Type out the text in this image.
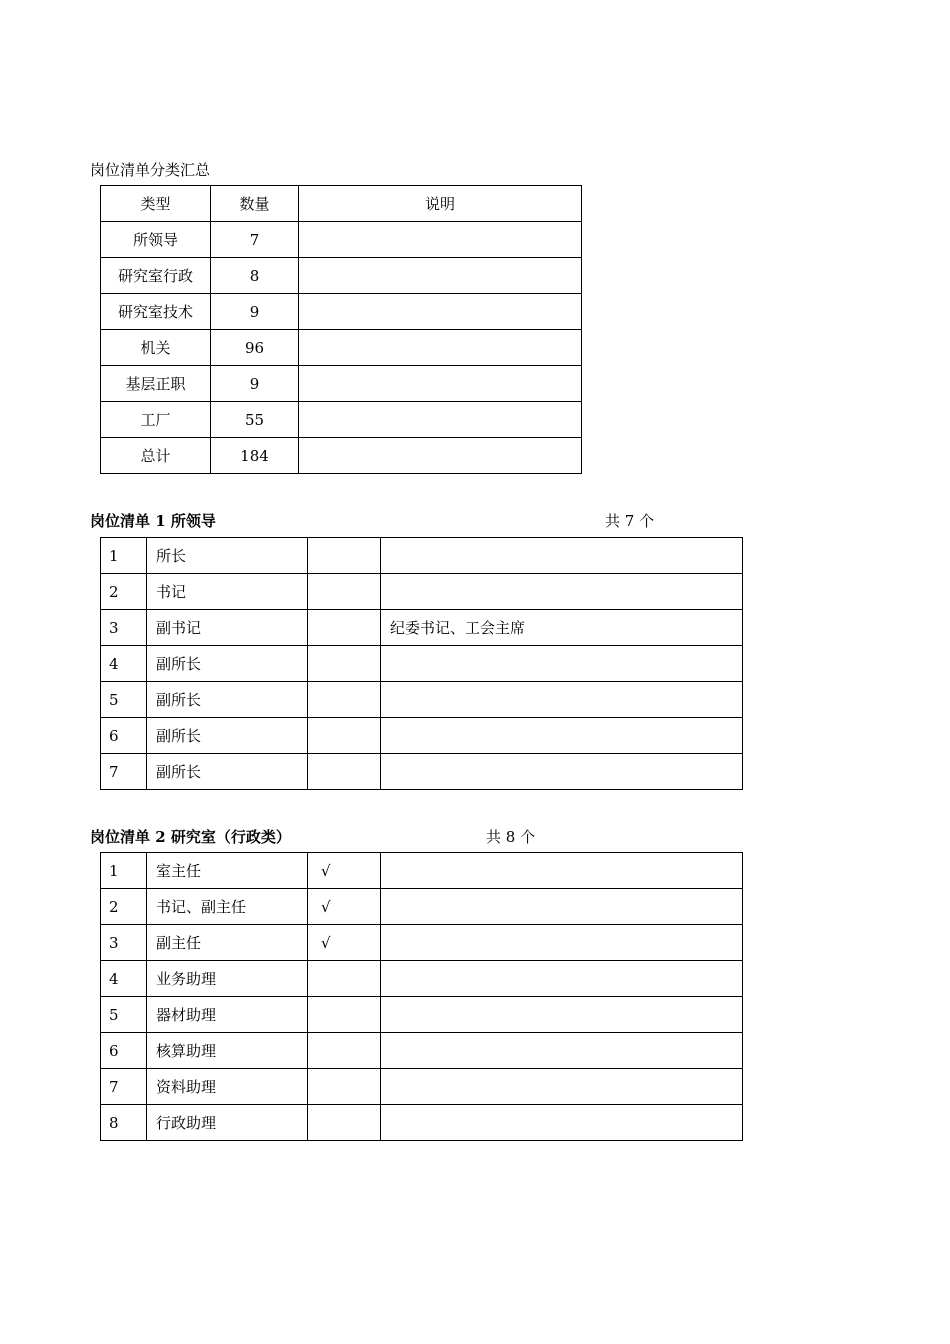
岗位清单分类汇总
类型	数量	说明
所领导	7	
研究室行政	8	
研究室技术	9	
机关	96	
基层正职	9	
工厂	55	
总计	184	
岗位清单 1 所领导	共 7 个
1	所长		
2	书记		
3	副书记		纪委书记、工会主席
4	副所长		
5	副所长		
6	副所长		
7	副所长		
岗位清单 2 研究室（行政类）	共 8 个
1	室主任	√	
2	书记、副主任	√	
3	副主任	√	
4	业务助理		
5	器材助理		
6	核算助理		
7	资料助理		
8	行政助理		
